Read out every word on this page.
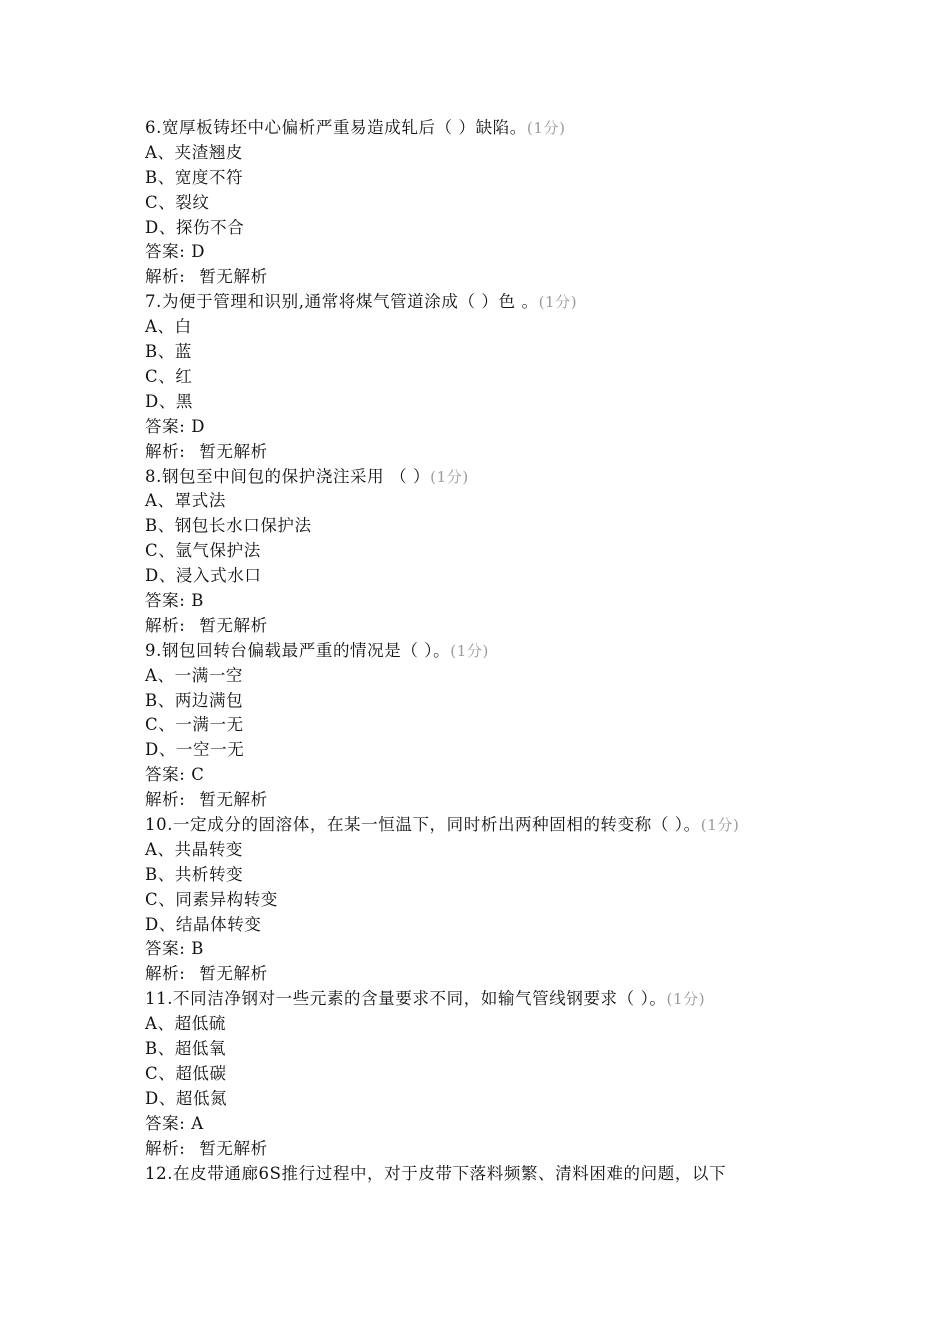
6.宽厚板铸坯中心偏析严重易造成轧后（ ）缺陷。(1分)
A、夹渣翘皮
B、宽度不符
C、裂纹
D、探伤不合
答案: D
解析: 暂无解析
7.为便于管理和识别,通常将煤气管道涂成（ ）色 。(1分)
A、白
B、蓝
C、红
D、黑
答案: D
解析: 暂无解析
8.钢包至中间包的保护浇注采用 （ ）(1分)
A、罩式法
B、钢包长水口保护法
C、氩气保护法
D、浸入式水口
答案: B
解析: 暂无解析
9.钢包回转台偏载最严重的情况是（ ）。(1分)
A、一满一空
B、两边满包
C、一满一无
D、一空一无
答案: C
解析: 暂无解析
10.一定成分的固溶体，在某一恒温下，同时析出两种固相的转变称（ ）。(1分)
A、共晶转变
B、共析转变
C、同素异构转变
D、结晶体转变
答案: B
解析: 暂无解析
11.不同洁净钢对一些元素的含量要求不同，如输气管线钢要求（ ）。(1分)
A、超低硫
B、超低氧
C、超低碳
D、超低氮
答案: A
解析: 暂无解析
12.在皮带通廊6S推行过程中，对于皮带下落料频繁、清料困难的问题，以下
